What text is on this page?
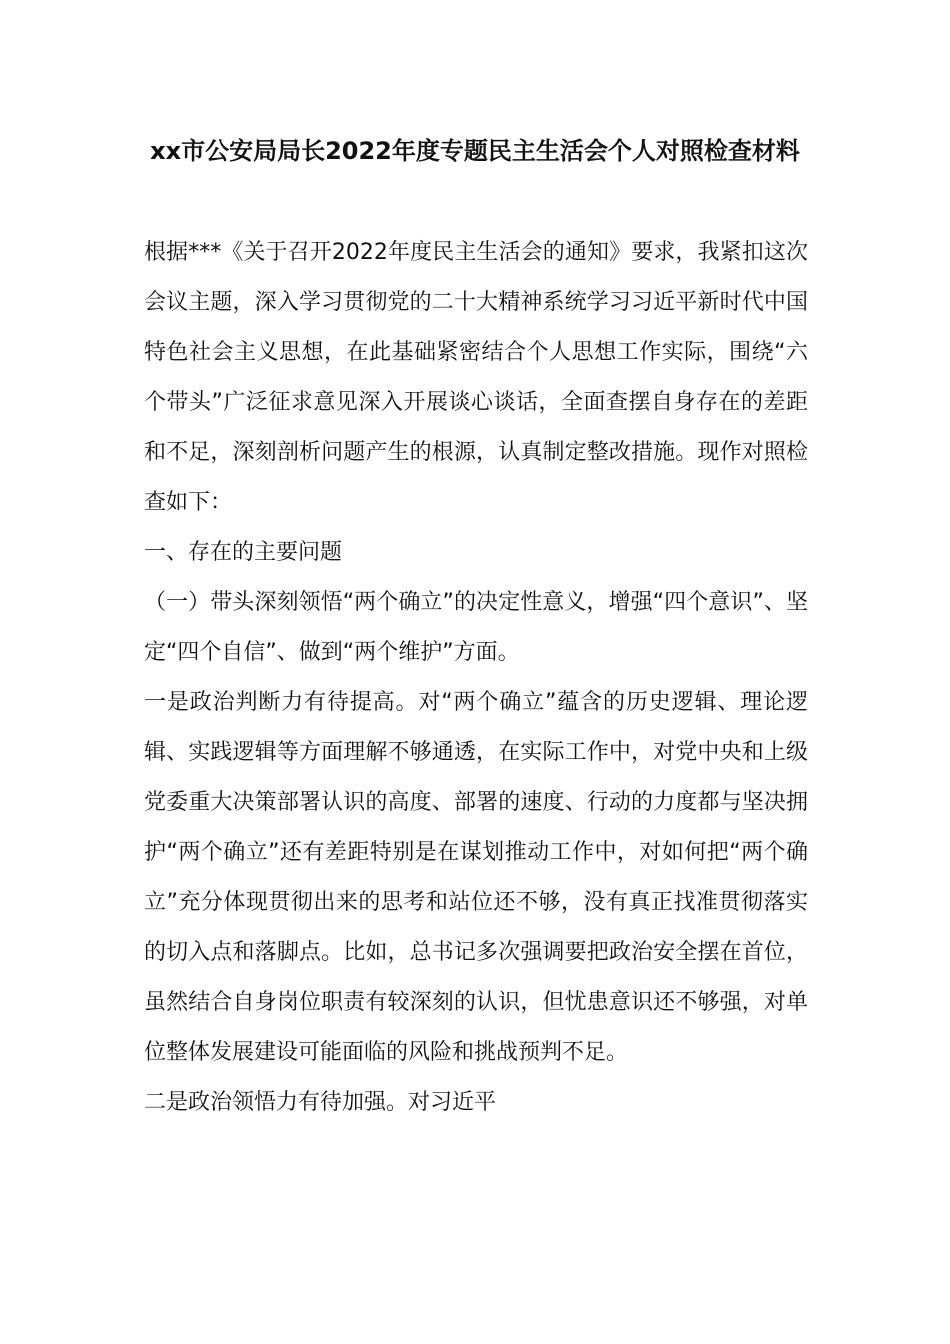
xx市公安局局长2022年度专题民主生活会个人对照检查材料

根据***《关于召开2022年度民主生活会的通知》要求，我紧扣这次会议主题，深入学习贯彻党的二十大精神系统学习习近平新时代中国特色社会主义思想，在此基础紧密结合个人思想工作实际，围绕“六个带头”广泛征求意见深入开展谈心谈话，全面查摆自身存在的差距和不足，深刻剖析问题产生的根源，认真制定整改措施。现作对照检查如下：

一、存在的主要问题

（一）带头深刻领悟“两个确立”的决定性意义，增强“四个意识”、坚定“四个自信”、做到“两个维护”方面。

一是政治判断力有待提高。对“两个确立”蕴含的历史逻辑、理论逻辑、实践逻辑等方面理解不够通透，在实际工作中，对党中央和上级党委重大决策部署认识的高度、部署的速度、行动的力度都与坚决拥护“两个确立”还有差距特别是在谋划推动工作中，对如何把“两个确立”充分体现贯彻出来的思考和站位还不够，没有真正找准贯彻落实的切入点和落脚点。比如，总书记多次强调要把政治安全摆在首位，虽然结合自身岗位职责有较深刻的认识，但忧患意识还不够强，对单位整体发展建设可能面临的风险和挑战预判不足。

二是政治领悟力有待加强。对习近平
